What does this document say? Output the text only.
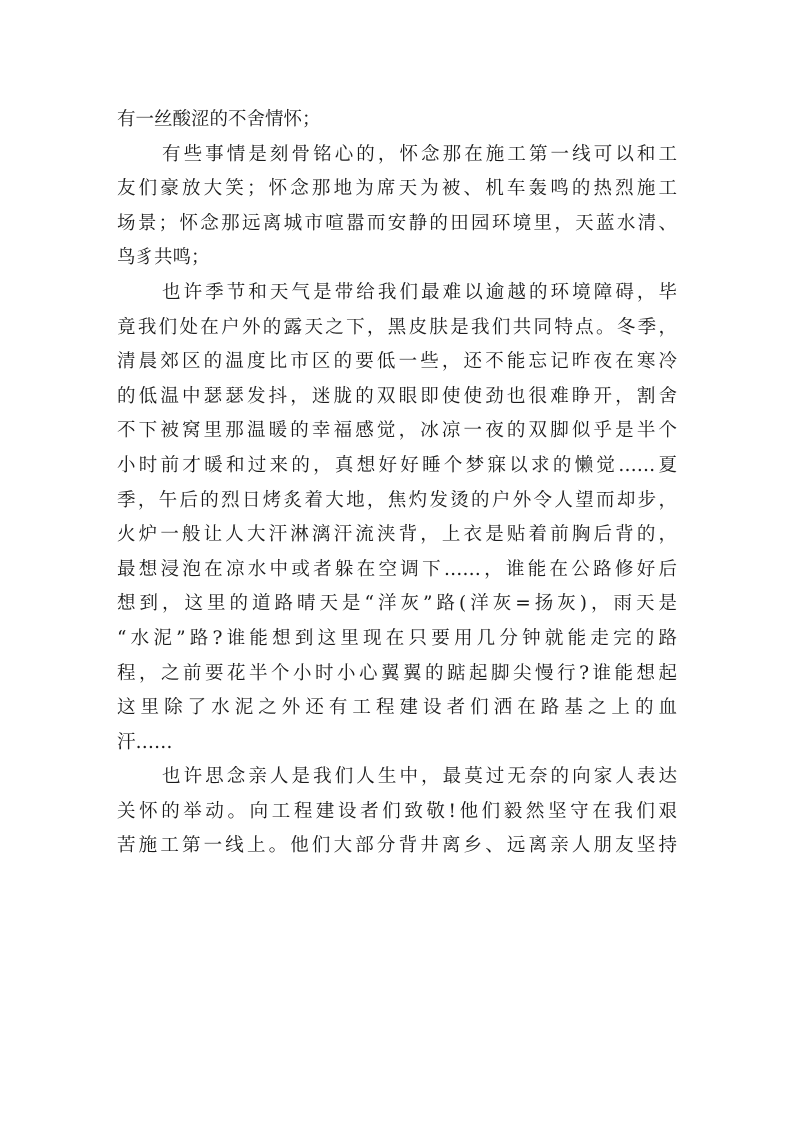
有一丝酸涩的不舍情怀；
有些事情是刻骨铭心的，怀念那在施工第一线可以和工
友们豪放大笑；怀念那地为席天为被、机车轰鸣的热烈施工
场景；怀念那远离城市喧嚣而安静的田园环境里，天蓝水清、
鸟豸共鸣；
也许季节和天气是带给我们最难以逾越的环境障碍，毕
竟我们处在户外的露天之下，黑皮肤是我们共同特点。冬季，
清晨郊区的温度比市区的要低一些，还不能忘记昨夜在寒冷
的低温中瑟瑟发抖，迷胧的双眼即使使劲也很难睁开，割舍
不下被窝里那温暖的幸福感觉，冰凉一夜的双脚似乎是半个
小时前才暖和过来的，真想好好睡个梦寐以求的懒觉……夏
季，午后的烈日烤炙着大地，焦灼发烫的户外令人望而却步，
火炉一般让人大汗淋漓汗流浃背，上衣是贴着前胸后背的，
最想浸泡在凉水中或者躲在空调下……，谁能在公路修好后
想到，这里的道路晴天是“洋灰”路(洋灰=扬灰)，雨天是
“水泥”路?谁能想到这里现在只要用几分钟就能走完的路
程，之前要花半个小时小心翼翼的踮起脚尖慢行?谁能想起
这里除了水泥之外还有工程建设者们洒在路基之上的血
汗……
也许思念亲人是我们人生中，最莫过无奈的向家人表达
关怀的举动。向工程建设者们致敬!他们毅然坚守在我们艰
苦施工第一线上。他们大部分背井离乡、远离亲人朋友坚持
